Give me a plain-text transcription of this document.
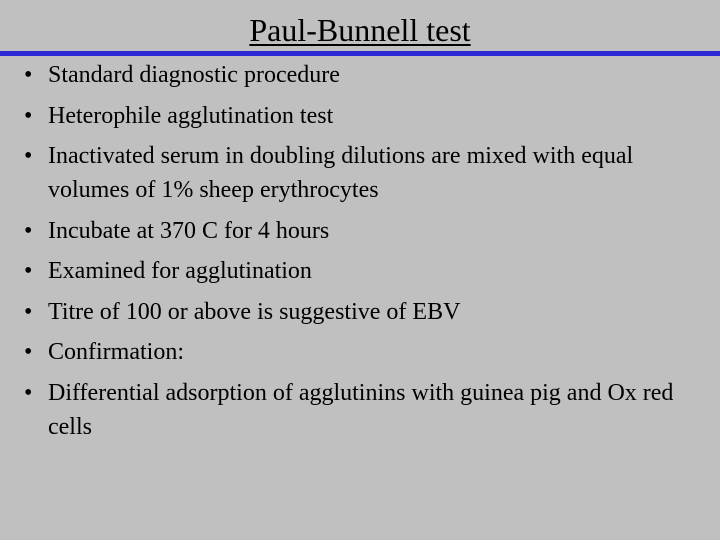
Paul-Bunnell test
• Standard diagnostic procedure
• Heterophile agglutination test
• Inactivated serum in doubling dilutions are mixed with equal volumes of 1% sheep erythrocytes
• Incubate at 370 C for 4 hours
• Examined for agglutination
• Titre of 100 or above is suggestive of EBV
• Confirmation:
• Differential adsorption of agglutinins with guinea pig and Ox red cells
